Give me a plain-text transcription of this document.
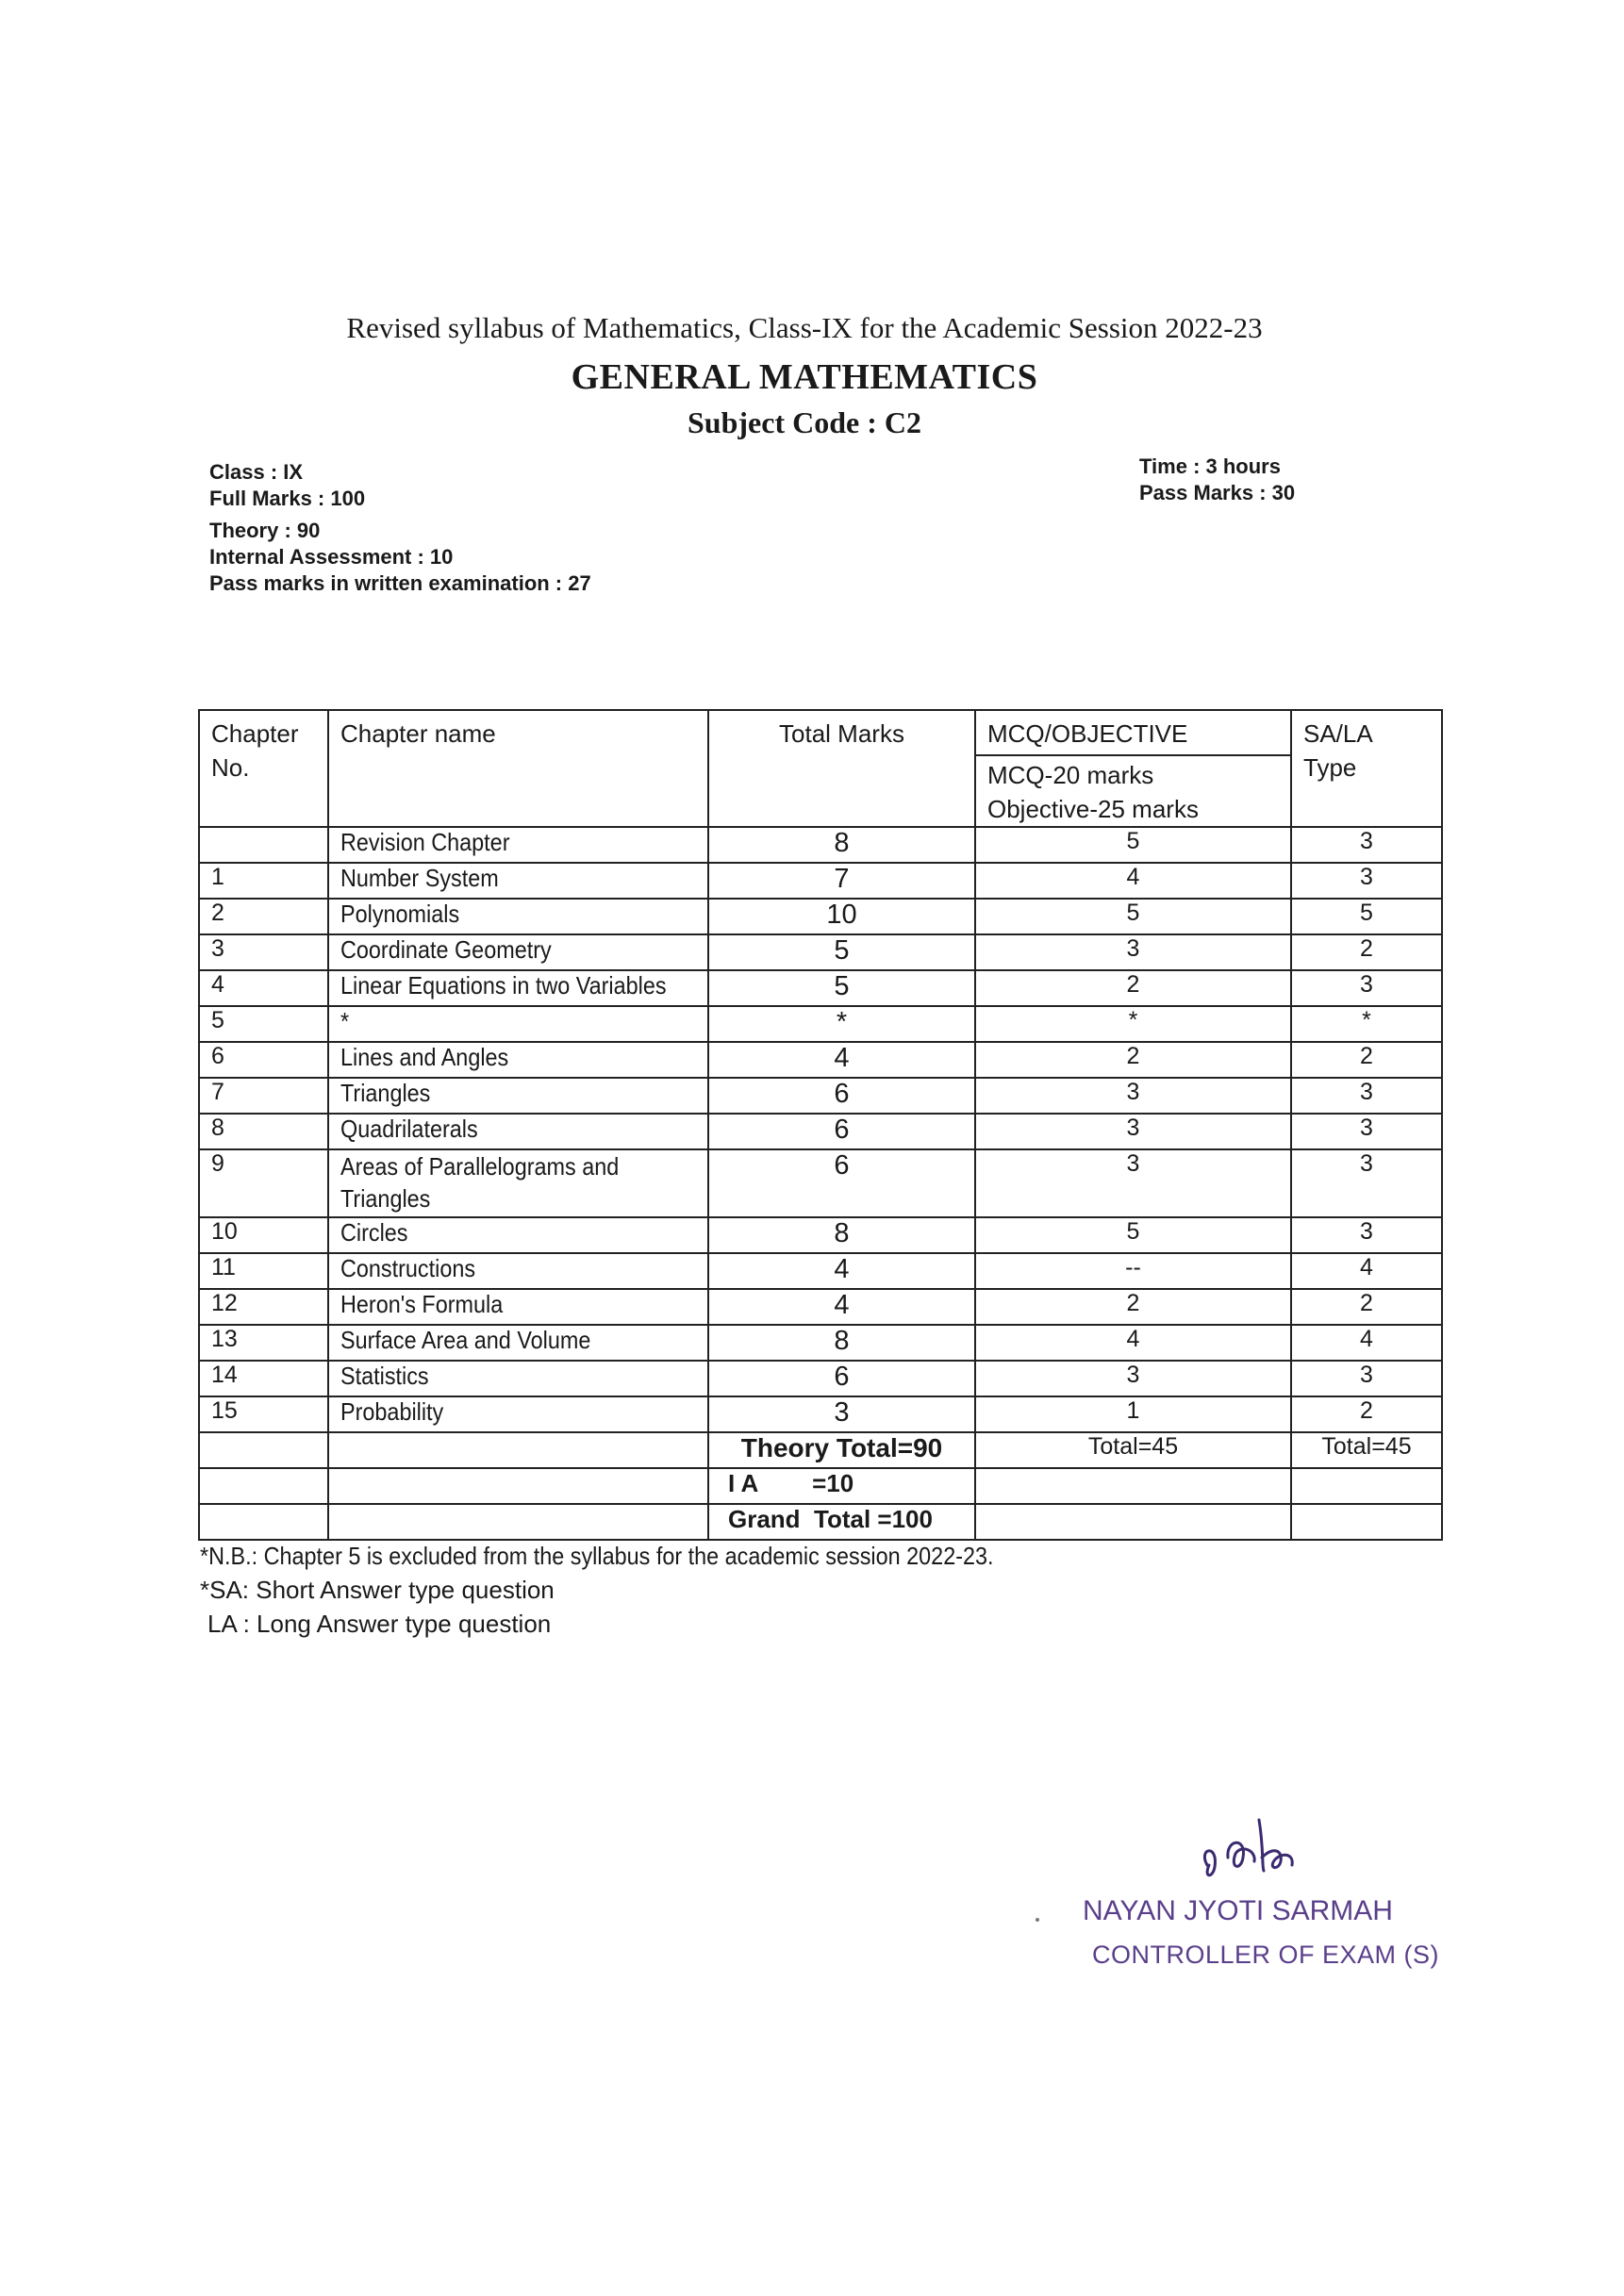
Revised syllabus of Mathematics, Class-IX for the Academic Session 2022-23
GENERAL MATHEMATICS
Subject Code : C2
Class : IX
Full Marks : 100
Theory : 90
Internal Assessment : 10
Pass marks in written examination : 27
Time : 3 hours
Pass Marks : 30
Chapter No.	Chapter name	Total Marks	MCQ/OBJECTIVE	SA/LA Type

			MCQ-20 marks
Objective-25 marks	

	Revision Chapter	8	5	3
1	Number System	7	4	3
2	Polynomials	10	5	5
3	Coordinate Geometry	5	3	2
4	Linear Equations in two Variables	5	2	3
5	*	*	*	*
6	Lines and Angles	4	2	2
7	Triangles	6	3	3
8	Quadrilaterals	6	3	3
9	Areas of Parallelograms and Triangles	6	3	3
10	Circles	8	5	3
11	Constructions	4	--	4
12	Heron's Formula	4	2	2
13	Surface Area and Volume	8	4	4
14	Statistics	6	3	3
15	Probability	3	1	2
		Theory Total=90	Total=45	Total=45
		I A        =10		
		Grand  Total =100		
*N.B.: Chapter 5 is excluded from the syllabus for the academic session 2022-23.
*SA: Short Answer type question
LA : Long Answer type question
NAYAN JYOTI SARMAH
CONTROLLER OF EXAM (S)
